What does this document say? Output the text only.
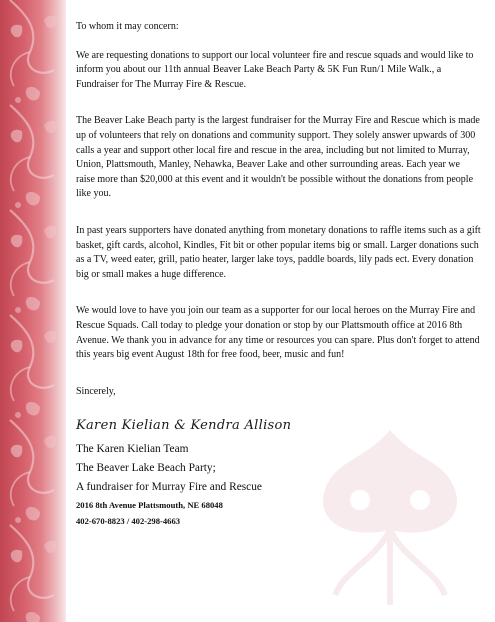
To whom it may concern:

We are requesting donations to support our local volunteer fire and rescue squads and would like to inform you about our 11th annual Beaver Lake Beach Party & 5K Fun Run/1 Mile Walk., a Fundraiser for The Murray Fire & Rescue.

The Beaver Lake Beach party is the largest fundraiser for the Murray Fire and Rescue which is made up of volunteers that rely on donations and community support. They solely answer upwards of 300 calls a year and support other local fire and rescue in the area, including but not limited to Murray, Union, Plattsmouth, Manley, Nehawka, Beaver Lake and other surrounding areas. Each year we raise more than $20,000 at this event and it wouldn't be possible without the donations from people like you.

In past years supporters have donated anything from monetary donations to raffle items such as a gift basket, gift cards, alcohol, Kindles, Fit bit or other popular items big or small. Larger donations such as a TV, weed eater, grill, patio heater, larger lake toys, paddle boards, lily pads ect. Every donation big or small makes a huge difference.

We would love to have you join our team as a supporter for our local heroes on the Murray Fire and Rescue Squads. Call today to pledge your donation or stop by our Plattsmouth office at 2016 8th Avenue. We thank you in advance for any time or resources you can spare. Plus don't forget to attend this years big event August 18th for free food, beer, music and fun!

Sincerely,

Karen Kielian & Kendra Allison

The Karen Kielian Team

The Beaver Lake Beach Party;

A fundraiser for Murray Fire and Rescue

2016 8th Avenue Plattsmouth, NE 68048

402-670-8823 / 402-298-4663
